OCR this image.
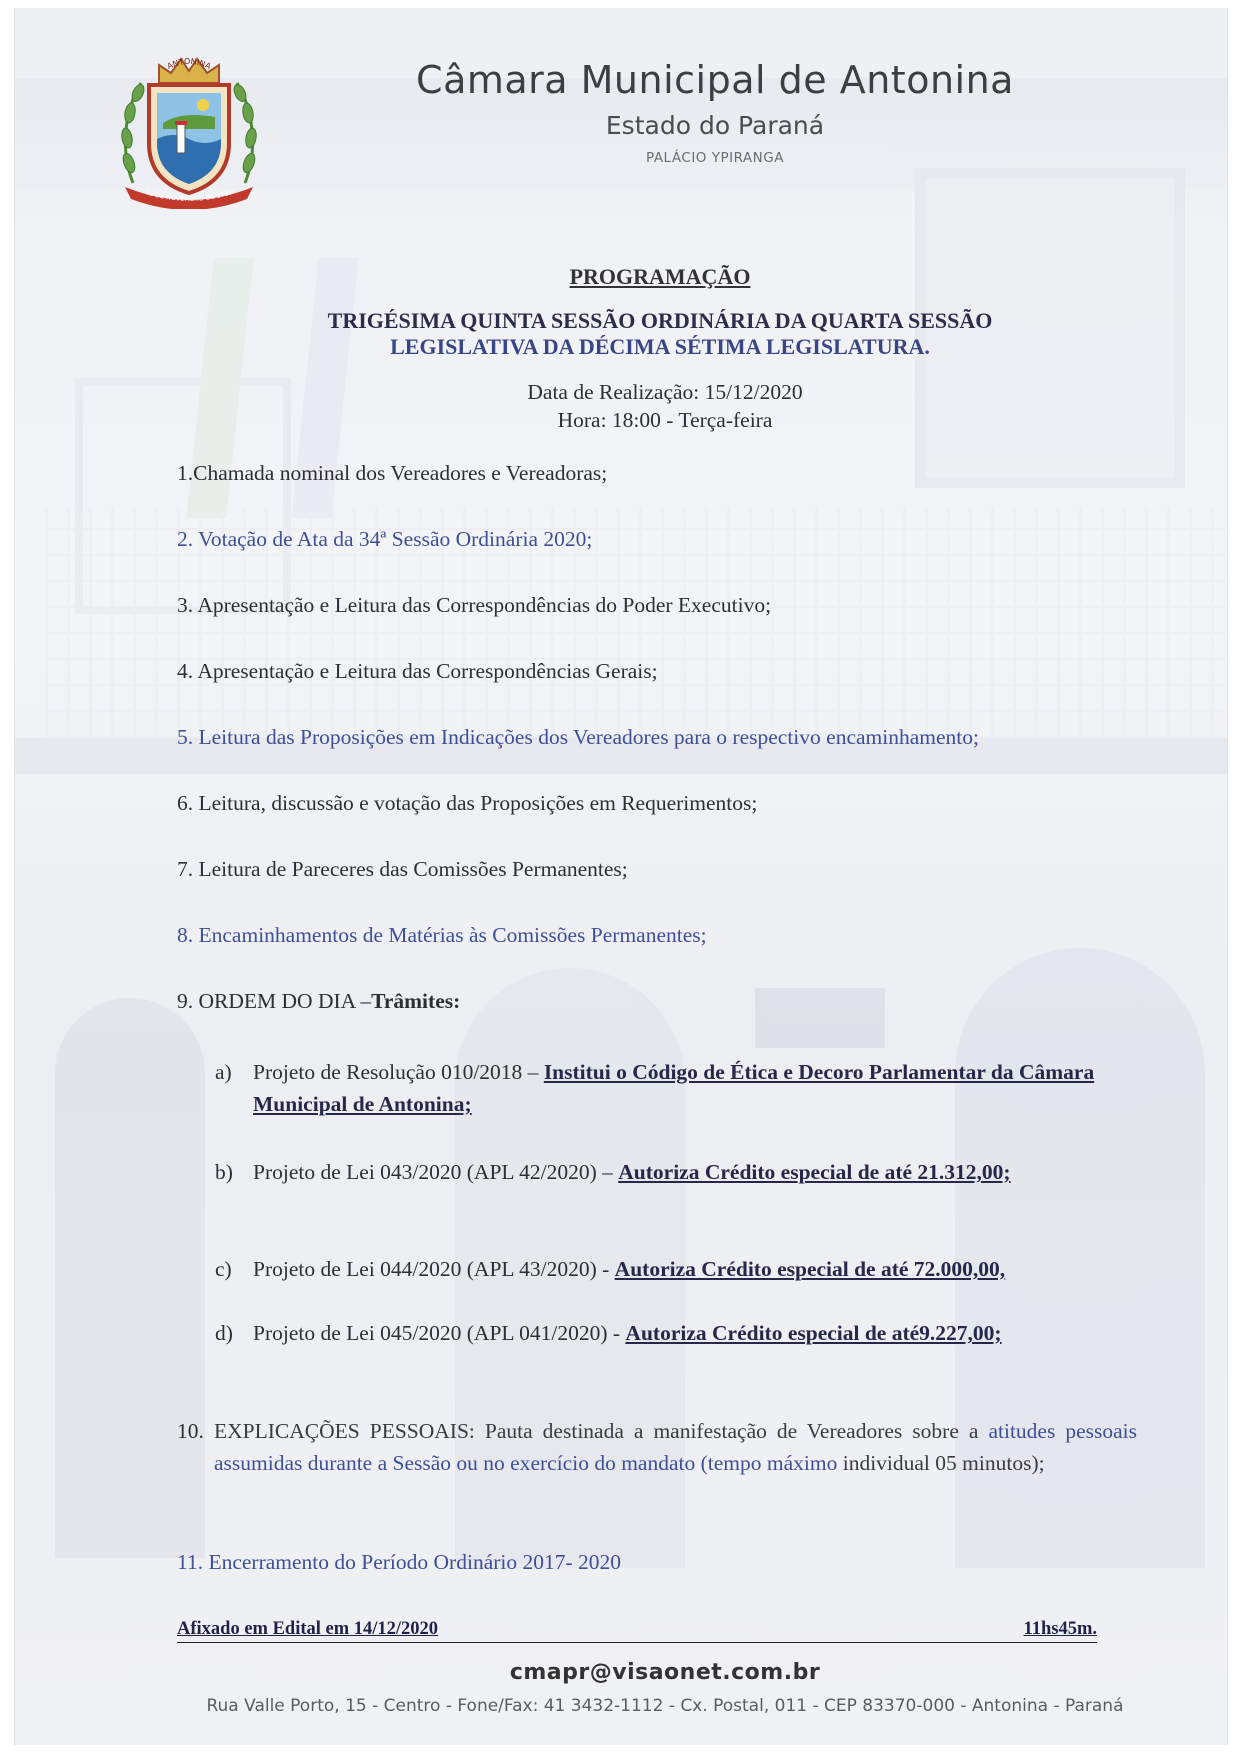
ANTONINA
12 DE NOVEMBRO DE 1797
Câmara Municipal de Antonina
Estado do Paraná
PALÁCIO YPIRANGA
PROGRAMAÇÃO
TRIGÉSIMA QUINTA SESSÃO ORDINÁRIA DA QUARTA SESSÃO
LEGISLATIVA DA DÉCIMA SÉTIMA LEGISLATURA.
Data de Realização: 15/12/2020
Hora: 18:00 - Terça-feira
1.Chamada nominal dos Vereadores e Vereadoras;
2. Votação de Ata da 34ª Sessão Ordinária 2020;
3. Apresentação e Leitura das Correspondências do Poder Executivo;
4. Apresentação e Leitura das Correspondências Gerais;
5. Leitura das Proposições em Indicações dos Vereadores para o respectivo encaminhamento;
6. Leitura, discussão e votação das Proposições em Requerimentos;
7. Leitura de Pareceres das Comissões Permanentes;
8. Encaminhamentos de Matérias às Comissões Permanentes;
9. ORDEM DO DIA –Trâmites:
a) Projeto de Resolução 010/2018 – Institui o Código de Ética e Decoro Parlamentar da Câmara Municipal de Antonina;
b) Projeto de Lei 043/2020 (APL 42/2020) – Autoriza Crédito especial de até 21.312,00;
c) Projeto de Lei 044/2020 (APL 43/2020) - Autoriza Crédito especial de até 72.000,00,
d) Projeto de Lei 045/2020 (APL 041/2020) - Autoriza Crédito especial de até9.227,00;
10. EXPLICAÇÕES PESSOAIS: Pauta destinada a manifestação de Vereadores sobre a atitudes pessoais assumidas durante a Sessão ou no exercício do mandato (tempo máximo individual 05 minutos);
11. Encerramento do Período Ordinário 2017- 2020
Afixado em Edital em 14/12/2020	11hs45m.
cmapr@visaonet.com.br
Rua Valle Porto, 15 - Centro - Fone/Fax: 41 3432-1112 - Cx. Postal, 011 - CEP 83370-000 - Antonina - Paraná
